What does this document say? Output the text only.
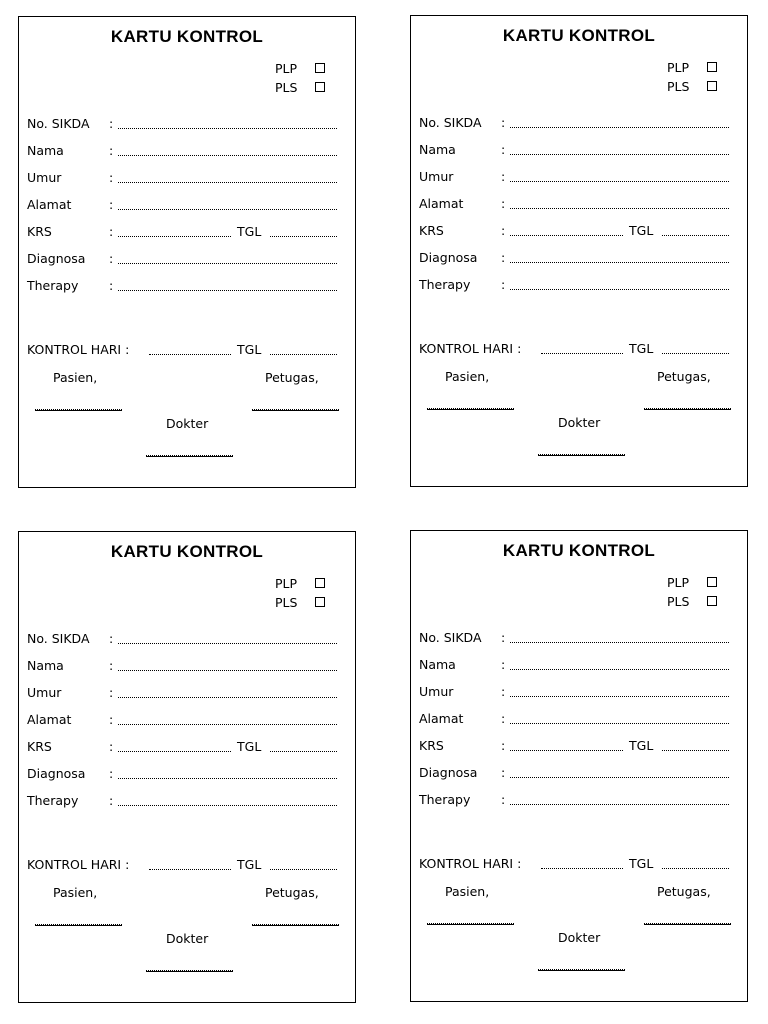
KARTU KONTROL
PLP
PLS
No. SIKDA :
Nama	:
Umur	:
Alamat	:
KRS	:	TGL
Diagnosa :
Therapy :
KONTROL HARI :	TGL
Pasien,	Petugas,
Dokter
KARTU KONTROL
PLP
PLS
No. SIKDA :
Nama	:
Umur	:
Alamat	:
KRS	:	TGL
Diagnosa :
Therapy :
KONTROL HARI :	TGL
Pasien,	Petugas,
Dokter
KARTU KONTROL
PLP
PLS
No. SIKDA :
Nama	:
Umur	:
Alamat	:
KRS	:	TGL
Diagnosa :
Therapy :
KONTROL HARI :	TGL
Pasien,	Petugas,
Dokter
KARTU KONTROL
PLP
PLS
No. SIKDA :
Nama	:
Umur	:
Alamat	:
KRS	:	TGL
Diagnosa :
Therapy :
KONTROL HARI :	TGL
Pasien,	Petugas,
Dokter
